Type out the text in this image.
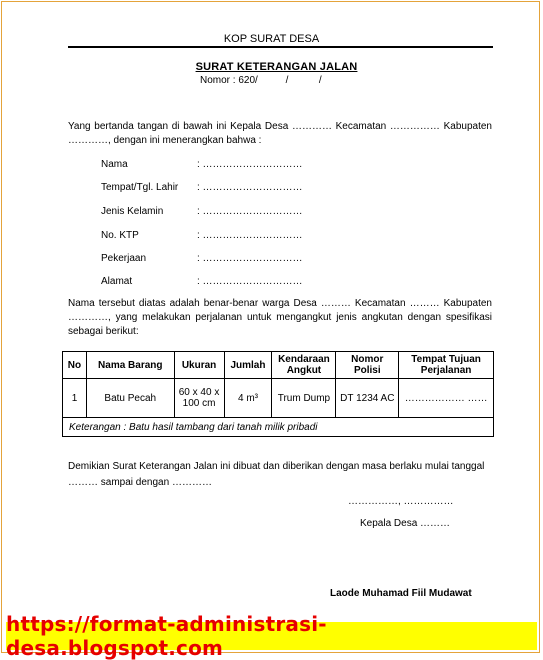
KOP SURAT DESA
SURAT KETERANGAN JALAN
Nomor : 620/          /           /
Yang bertanda tangan di bawah ini Kepala Desa ………… Kecamatan …………… Kabupaten …………, dengan ini menerangkan bahwa :
Nama	: …………………………
Tempat/Tgl. Lahir : …………………………
Jenis Kelamin	: …………………………
No. KTP	: …………………………
Pekerjaan	: …………………………
Alamat	: …………………………
Nama tersebut diatas adalah benar-benar warga Desa ……… Kecamatan ……… Kabupaten …………, yang melakukan perjalanan untuk mengangkut jenis angkutan dengan spesifikasi sebagai berikut:
No	Nama Barang	Ukuran	Jumlah	Kendaraan Angkut	Nomor Polisi	Tempat Tujuan Perjalanan
1	Batu Pecah	60 x 40 x 100 cm	4 m³	Trum Dump	DT 1234 AC	……………… ……
Keterangan : Batu hasil tambang dari tanah milik pribadi						
Demikian Surat Keterangan Jalan ini dibuat dan diberikan dengan masa berlaku mulai tanggal ……… sampai dengan …………
……………, ……………
Kepala Desa ………
Laode Muhamad Fiil Mudawat
https://format-administrasi-desa.blogspot.com
